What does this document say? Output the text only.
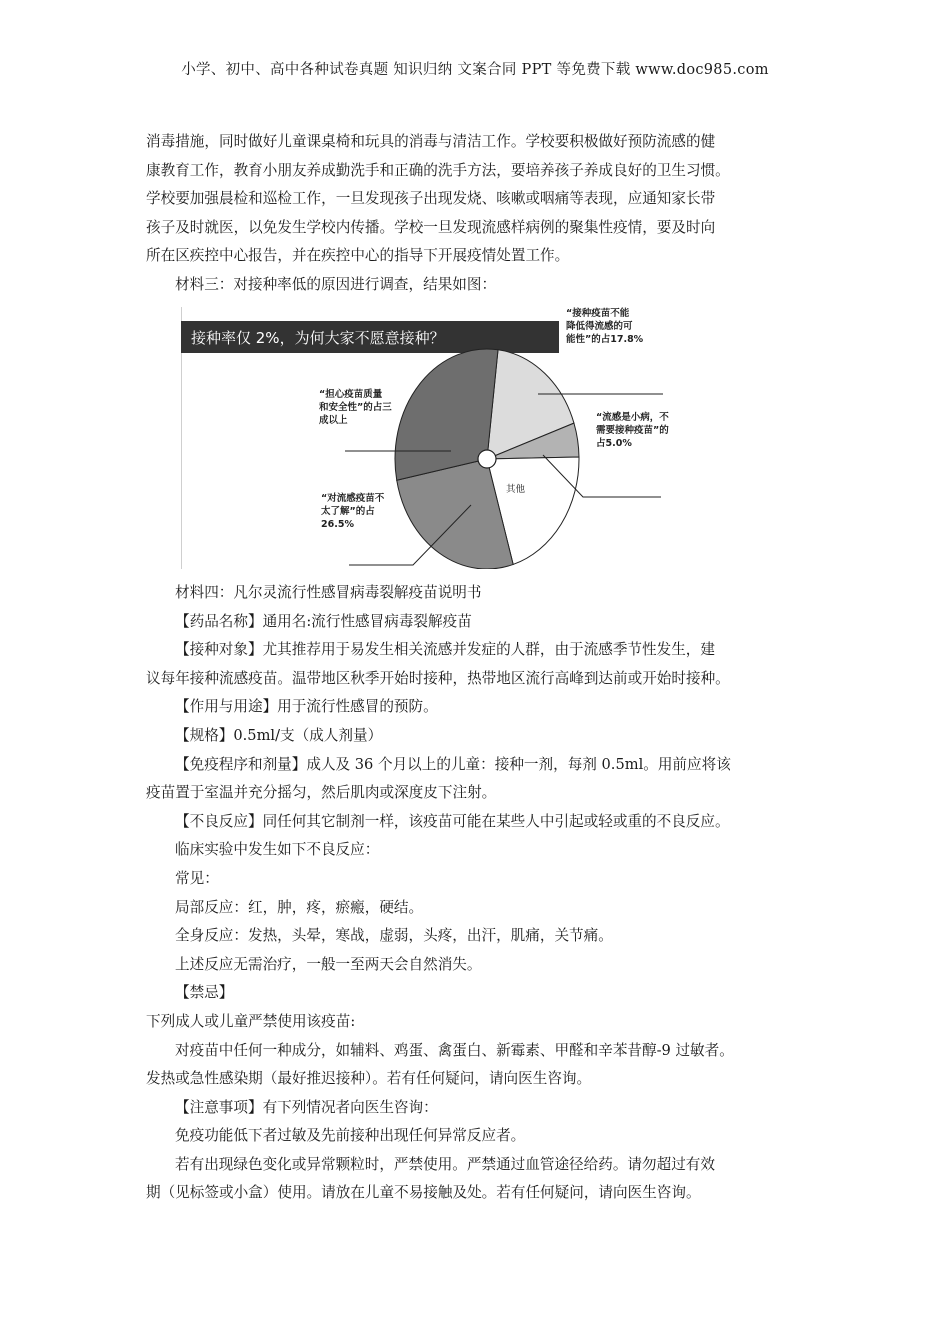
小学、初中、高中各种试卷真题 知识归纳 文案合同 PPT 等免费下载 www.doc985.com

消毒措施，同时做好儿童课桌椅和玩具的消毒与清洁工作。学校要积极做好预防流感的健

康教育工作，教育小朋友养成勤洗手和正确的洗手方法，要培养孩子养成良好的卫生习惯。

学校要加强晨检和巡检工作，一旦发现孩子出现发烧、咳嗽或咽痛等表现，应通知家长带

孩子及时就医，以免发生学校内传播。学校一旦发现流感样病例的聚集性疫情，要及时向

所在区疾控中心报告，并在疾控中心的指导下开展疫情处置工作。

材料三：对接种率低的原因进行调查，结果如图：

接种率仅 2%，为何大家不愿意接种？
“接种疫苗不能降低得流感的可能性”的占17.8%
“流感是小病，不需要接种疫苗”的占5.0%
其他
“对流感疫苗不太了解”的占 26.5%
“担心疫苗质量和安全性”的占三成以上

材料四：凡尔灵流行性感冒病毒裂解疫苗说明书

【药品名称】通用名:流行性感冒病毒裂解疫苗

【接种对象】尤其推荐用于易发生相关流感并发症的人群，由于流感季节性发生，建

议每年接种流感疫苗。温带地区秋季开始时接种，热带地区流行高峰到达前或开始时接种。

【作用与用途】用于流行性感冒的预防。

【规格】0.5ml/支（成人剂量）

【免疫程序和剂量】成人及 36 个月以上的儿童：接种一剂，每剂 0.5ml。用前应将该

疫苗置于室温并充分摇匀，然后肌肉或深度皮下注射。

【不良反应】同任何其它制剂一样，该疫苗可能在某些人中引起或轻或重的不良反应。

临床实验中发生如下不良反应：

常见：

局部反应：红，肿，疼，瘀瘢，硬结。

全身反应：发热，头晕，寒战，虚弱，头疼，出汗，肌痛，关节痛。

上述反应无需治疗，一般一至两天会自然消失。

【禁忌】

下列成人或儿童严禁使用该疫苗:

对疫苗中任何一种成分，如辅料、鸡蛋、禽蛋白、新霉素、甲醛和辛苯昔醇-9 过敏者。

发热或急性感染期（最好推迟接种）。若有任何疑问，请向医生咨询。

【注意事项】有下列情况者向医生咨询：

免疫功能低下者过敏及先前接种出现任何异常反应者。

若有出现绿色变化或异常颗粒时，严禁使用。严禁通过血管途径给药。请勿超过有效

期（见标签或小盒）使用。请放在儿童不易接触及处。若有任何疑问，请向医生咨询。
